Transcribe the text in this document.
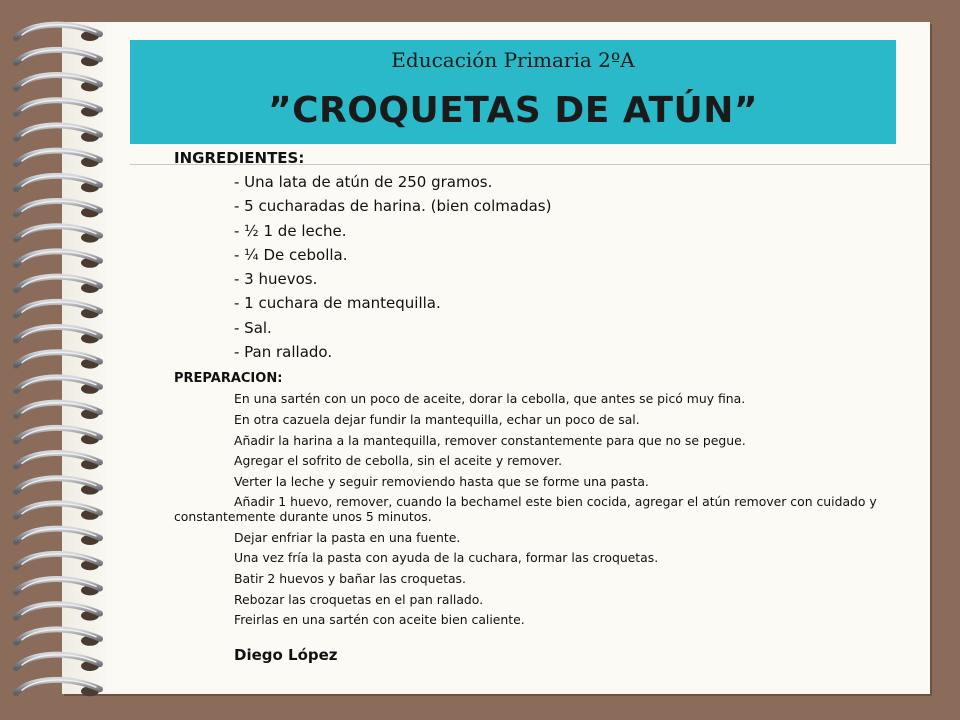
Educación Primaria 2ºA
”CROQUETAS DE ATÚN”
INGREDIENTES:
- Una lata de atún de 250 gramos.
- 5 cucharadas de harina. (bien colmadas)
- ½ 1 de leche.
- ¼ De cebolla.
- 3 huevos.
- 1 cuchara de mantequilla.
- Sal.
- Pan rallado.
PREPARACION:
En una sartén con un poco de aceite, dorar la cebolla, que antes se picó muy fina.
En otra cazuela dejar fundir la mantequilla, echar un poco de sal.
Añadir la harina a la mantequilla, remover constantemente para que no se pegue.
Agregar el sofrito de cebolla, sin el aceite y remover.
Verter la leche y seguir removiendo hasta que se forme una pasta.
Añadir 1 huevo, remover, cuando la bechamel este bien cocida, agregar el atún remover con cuidado y constantemente durante unos 5 minutos.
Dejar enfriar la pasta en una fuente.
Una vez fría la pasta con ayuda de la cuchara, formar las croquetas.
Batir 2 huevos y bañar las croquetas.
Rebozar las croquetas en el pan rallado.
Freirlas en una sartén con aceite bien caliente.
Diego López
